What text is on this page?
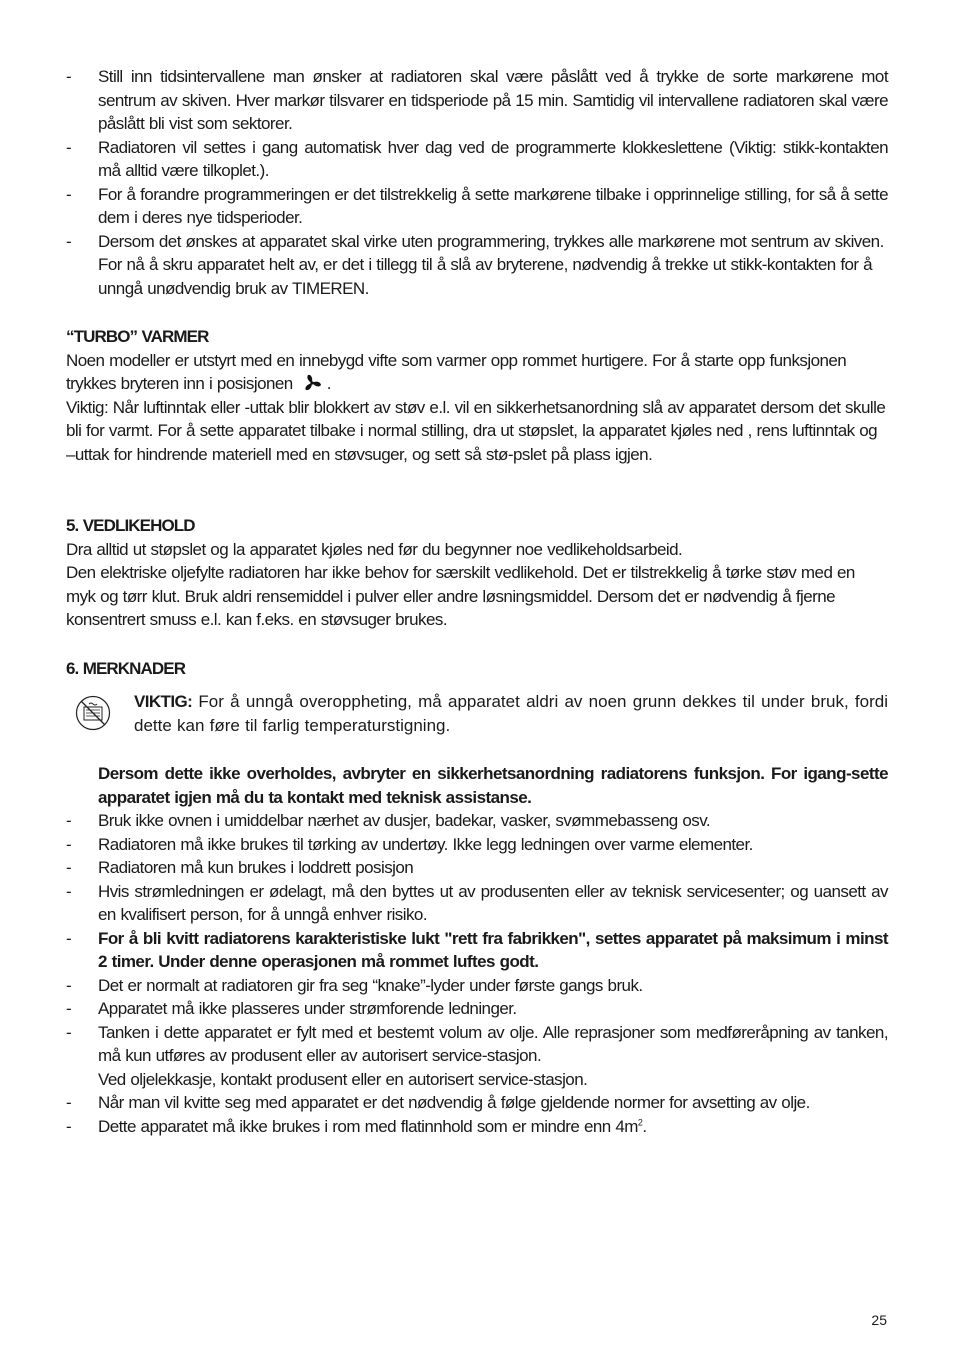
- Still inn tidsintervallene man ønsker at radiatoren skal være påslått ved å trykke de sorte markørene mot sentrum av skiven. Hver markør tilsvarer en tidsperiode på 15 min. Samtidig vil intervallene radiatoren skal være påslått bli vist som sektorer.
- Radiatoren vil settes i gang automatisk hver dag ved de programmerte klokkeslettene (Viktig: stikk-kontakten må alltid være tilkoplet.).
- For å forandre programmeringen er det tilstrekkelig å sette markørene tilbake i opprinnelige stilling, for så å sette dem i deres nye tidsperioder.
- Dersom det ønskes at apparatet skal virke uten programmering, trykkes alle markørene mot sentrum av skiven. For nå å skru apparatet helt av, er det i tillegg til å slå av bryterene, nødvendig å trekke ut stikk-kontakten for å unngå unødvendig bruk av TIMEREN.

“TURBO” VARMER

Noen modeller er utstyrt med en innebygd vifte som varmer opp rommet hurtigere. For å starte opp funksjonen trykkes bryteren inn i posisjonen .

Viktig: Når luftinntak eller -uttak blir blokkert av støv e.l. vil en sikkerhetsanordning slå av apparatet dersom det skulle bli for varmt. For å sette apparatet tilbake i normal stilling, dra ut støpslet, la apparatet kjøles ned , rens luftinntak og –uttak for hindrende materiell med en støvsuger, og sett så stø-pslet på plass igjen.

5. VEDLIKEHOLD

Dra alltid ut støpslet og la apparatet kjøles ned før du begynner noe vedlikeholdsarbeid.

Den elektriske oljefylte radiatoren har ikke behov for særskilt vedlikehold. Det er tilstrekkelig å tørke støv med en myk og tørr klut. Bruk aldri rensemiddel i pulver eller andre løsningsmiddel. Dersom det er nødvendig å fjerne konsentrert smuss e.l. kan f.eks. en støvsuger brukes.

6. MERKNADER

VIKTIG: For å unngå overoppheting, må apparatet aldri av noen grunn dekkes til under bruk, fordi dette kan føre til farlig temperaturstigning.

Dersom dette ikke overholdes, avbryter en sikkerhetsanordning radiatorens funksjon. For igang-sette apparatet igjen må du ta kontakt med teknisk assistanse.

- Bruk ikke ovnen i umiddelbar nærhet av dusjer, badekar, vasker, svømmebasseng osv.
- Radiatoren må ikke brukes til tørking av undertøy. Ikke legg ledningen over varme elementer.
- Radiatoren må kun brukes i loddrett posisjon
- Hvis strømledningen er ødelagt, må den byttes ut av produsenten eller av teknisk servicesenter; og uansett av en kvalifisert person, for å unngå enhver risiko.
- For å bli kvitt radiatorens karakteristiske lukt "rett fra fabrikken", settes apparatet på maksimum i minst 2 timer. Under denne operasjonen må rommet luftes godt.
- Det er normalt at radiatoren gir fra seg “knake”-lyder under første gangs bruk.
- Apparatet må ikke plasseres under strømforende ledninger.
- Tanken i dette apparatet er fylt med et bestemt volum av olje. Alle reprasjoner som medføreråpning av tanken, må kun utføres av produsent eller av autorisert service-stasjon.
Ved oljelekkasje, kontakt produsent eller en autorisert service-stasjon.
- Når man vil kvitte seg med apparatet er det nødvendig å følge gjeldende normer for avsetting av olje.
- Dette apparatet må ikke brukes i rom med flatinnhold som er mindre enn $4m^2$.
25
